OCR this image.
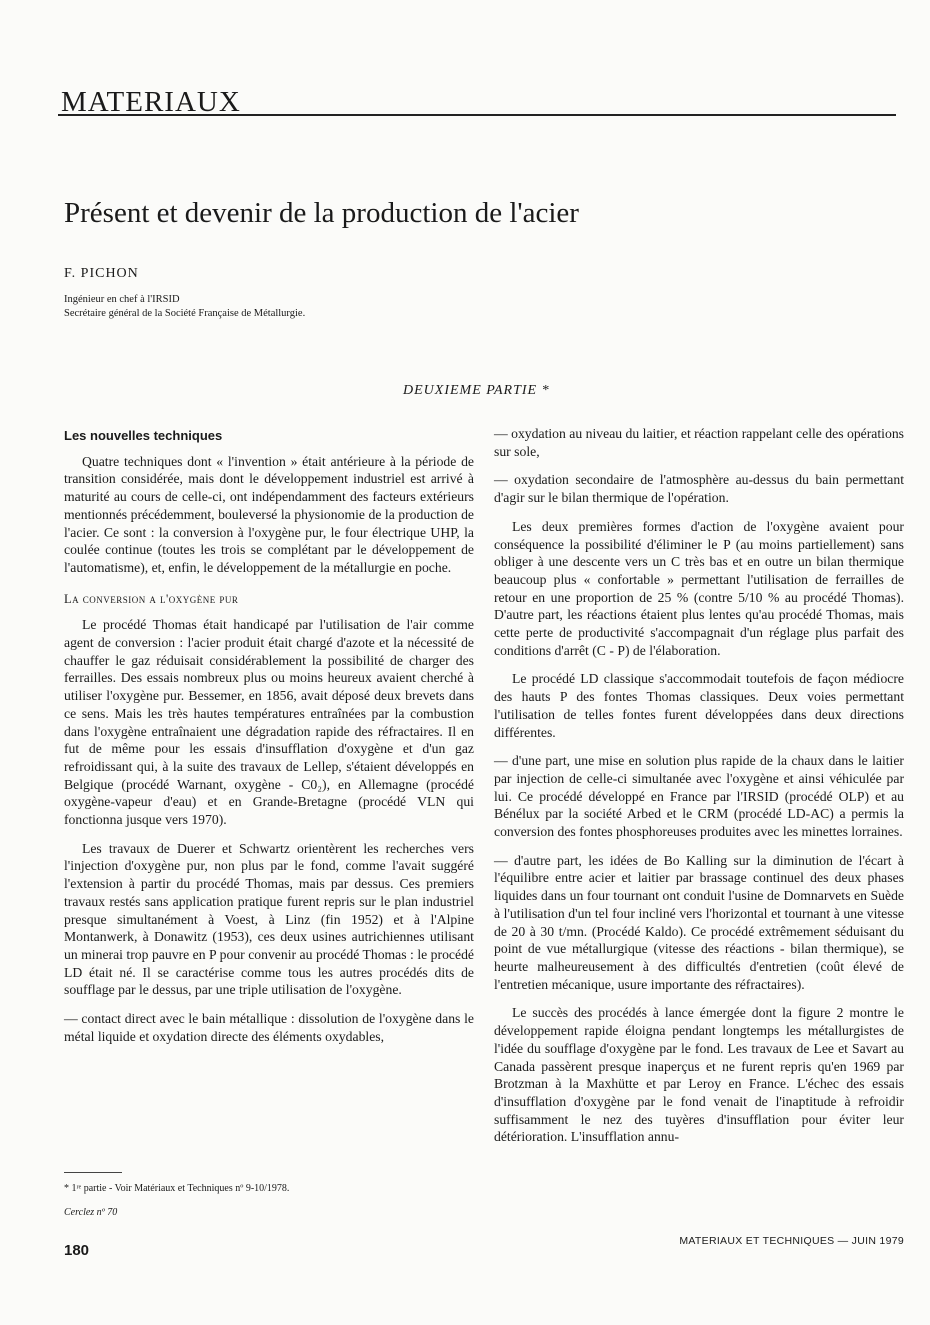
MATERIAUX
Présent et devenir de la production de l'acier
F. PICHON
Ingénieur en chef à l'IRSID
Secrétaire général de la Société Française de Métallurgie.
DEUXIEME PARTIE *
Les nouvelles techniques

Quatre techniques dont « l'invention » était antérieure à la période de transition considérée, mais dont le développement industriel est arrivé à maturité au cours de celle-ci, ont indépendamment des facteurs extérieurs mentionnés précédemment, bouleversé la physionomie de la production de l'acier. Ce sont : la conversion à l'oxygène pur, le four électrique UHP, la coulée continue (toutes les trois se complétant par le développement de l'automatisme), et, enfin, le développement de la métallurgie en poche.

La conversion a l'oxygène pur

Le procédé Thomas était handicapé par l'utilisation de l'air comme agent de conversion : l'acier produit était chargé d'azote et la nécessité de chauffer le gaz réduisait considérablement la possibilité de charger des ferrailles. Des essais nombreux plus ou moins heureux avaient cherché à utiliser l'oxygène pur. Bessemer, en 1856, avait déposé deux brevets dans ce sens. Mais les très hautes températures entraînées par la combustion dans l'oxygène entraînaient une dégradation rapide des réfractaires. Il en fut de même pour les essais d'insufflation d'oxygène et d'un gaz refroidissant qui, à la suite des travaux de Lellep, s'étaient développés en Belgique (procédé Warnant, oxygène - C0₂), en Allemagne (procédé oxygène-vapeur d'eau) et en Grande-Bretagne (procédé VLN qui fonctionna jusque vers 1970).

Les travaux de Duerer et Schwartz orientèrent les recherches vers l'injection d'oxygène pur, non plus par le fond, comme l'avait suggéré l'extension à partir du procédé Thomas, mais par dessus. Ces premiers travaux restés sans application pratique furent repris sur le plan industriel presque simultanément à Voest, à Linz (fin 1952) et à l'Alpine Montanwerk, à Donawitz (1953), ces deux usines autrichiennes utilisant un minerai trop pauvre en P pour convenir au procédé Thomas : le procédé LD était né. Il se caractérise comme tous les autres procédés dits de soufflage par le dessus, par une triple utilisation de l'oxygène.

— contact direct avec le bain métallique : dissolution de l'oxygène dans le métal liquide et oxydation directe des éléments oxydables,

— oxydation au niveau du laitier, et réaction rappelant celle des opérations sur sole,

— oxydation secondaire de l'atmosphère au-dessus du bain permettant d'agir sur le bilan thermique de l'opération.

Les deux premières formes d'action de l'oxygène avaient pour conséquence la possibilité d'éliminer le P (au moins partiellement) sans obliger à une descente vers un C très bas et en outre un bilan thermique beaucoup plus « confortable » permettant l'utilisation de ferrailles de retour en une proportion de 25 % (contre 5/10 % au procédé Thomas). D'autre part, les réactions étaient plus lentes qu'au procédé Thomas, mais cette perte de productivité s'accompagnait d'un réglage plus parfait des conditions d'arrêt (C - P) de l'élaboration.

Le procédé LD classique s'accommodait toutefois de façon médiocre des hauts P des fontes Thomas classiques. Deux voies permettant l'utilisation de telles fontes furent développées dans deux directions différentes.

— d'une part, une mise en solution plus rapide de la chaux dans le laitier par injection de celle-ci simultanée avec l'oxygène et ainsi véhiculée par lui. Ce procédé développé en France par l'IRSID (procédé OLP) et au Bénélux par la société Arbed et le CRM (procédé LD-AC) a permis la conversion des fontes phosphoreuses produites avec les minettes lorraines.

— d'autre part, les idées de Bo Kalling sur la diminution de l'écart à l'équilibre entre acier et laitier par brassage continuel des deux phases liquides dans un four tournant ont conduit l'usine de Domnarvets en Suède à l'utilisation d'un tel four incliné vers l'horizontal et tournant à une vitesse de 20 à 30 t/mn. (Procédé Kaldo). Ce procédé extrêmement séduisant du point de vue métallurgique (vitesse des réactions - bilan thermique), se heurte malheureusement à des difficultés d'entretien (coût élevé de l'entretien mécanique, usure importante des réfractaires).

Le succès des procédés à lance émergée dont la figure 2 montre le développement rapide éloigna pendant longtemps les métallurgistes de l'idée du soufflage d'oxygène par le fond. Les travaux de Lee et Savart au Canada passèrent presque inaperçus et ne furent repris qu'en 1969 par Brotzman à la Maxhütte et par Leroy en France. L'échec des essais d'insufflation d'oxygène par le fond venait de l'inaptitude à refroidir suffisamment le nez des tuyères d'insufflation pour éviter leur détérioration. L'insufflation annu-

* 1ʳᵉ partie - Voir Matériaux et Techniques nº 9-10/1978.
Cerclez nº 70
180
MATERIAUX ET TECHNIQUES — JUIN 1979
